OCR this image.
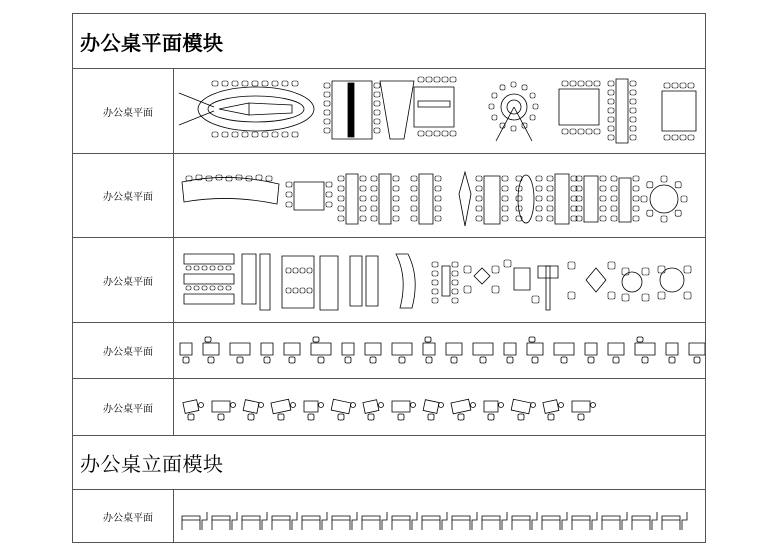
办公桌平面模块
办公桌平面
办公桌平面
办公桌平面
办公桌平面
办公桌平面
办公桌立面模块
办公桌平面
